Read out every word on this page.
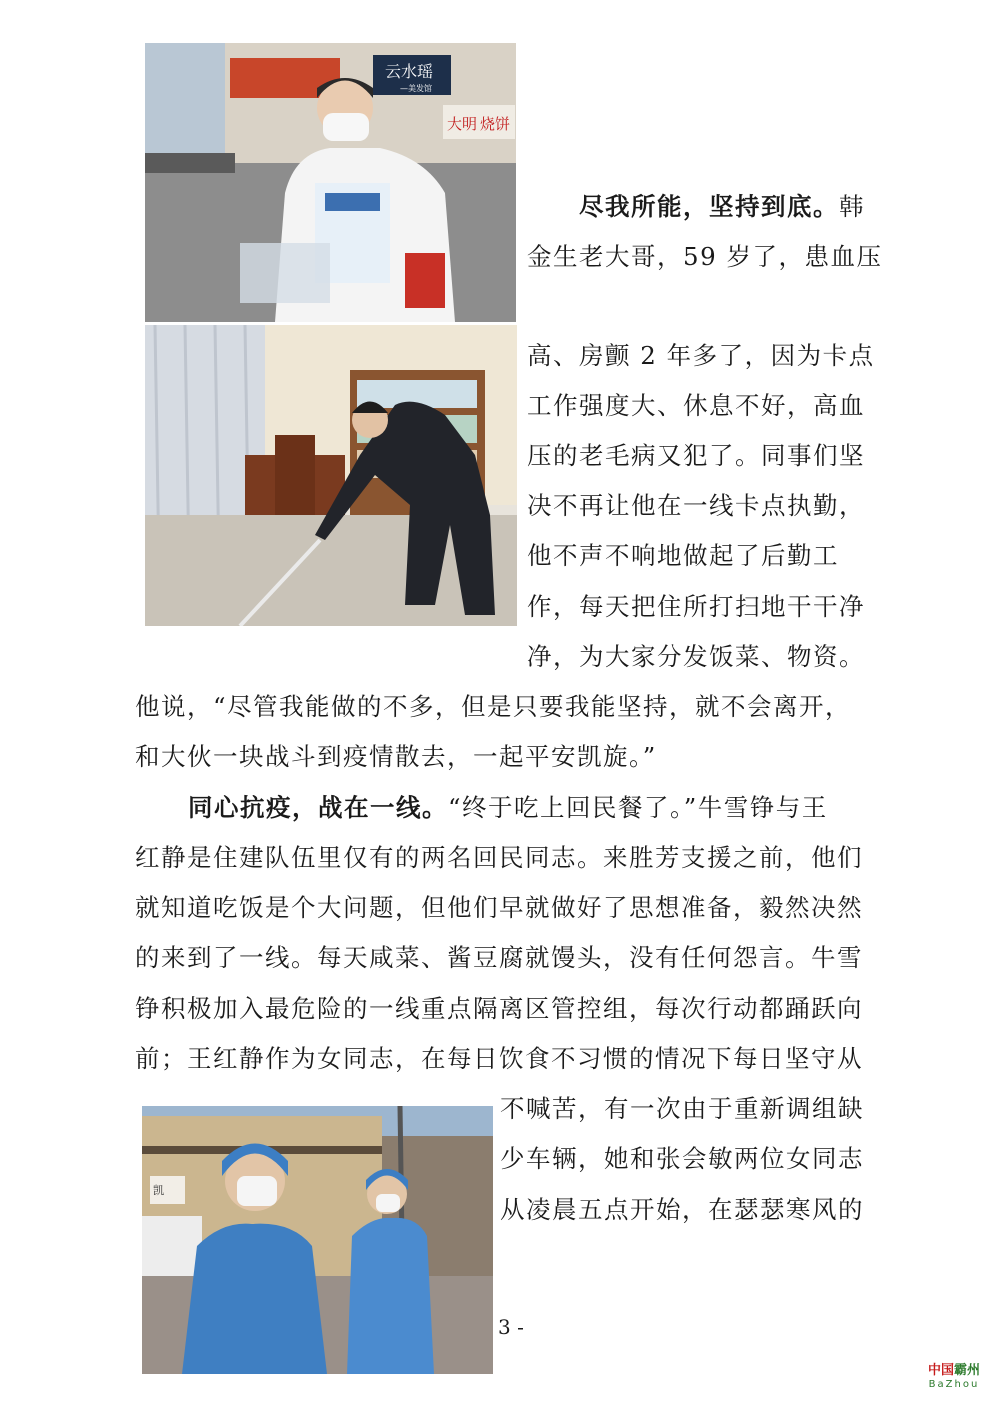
云水瑶
—美发馆
大明 烧饼
凯
尽我所能，坚持到底。韩
金生老大哥，59 岁了，患血压
高、房颤 2 年多了，因为卡点
工作强度大、休息不好，高血
压的老毛病又犯了。同事们坚
决不再让他在一线卡点执勤，
他不声不响地做起了后勤工
作，每天把住所打扫地干干净
净，为大家分发饭菜、物资。
他说，“尽管我能做的不多，但是只要我能坚持，就不会离开，
和大伙一块战斗到疫情散去，一起平安凯旋。”
同心抗疫，战在一线。“终于吃上回民餐了。”牛雪铮与王
红静是住建队伍里仅有的两名回民同志。来胜芳支援之前，他们
就知道吃饭是个大问题，但他们早就做好了思想准备，毅然决然
的来到了一线。每天咸菜、酱豆腐就馒头，没有任何怨言。牛雪
铮积极加入最危险的一线重点隔离区管控组，每次行动都踊跃向
前；王红静作为女同志，在每日饮食不习惯的情况下每日坚守从
不喊苦，有一次由于重新调组缺
少车辆，她和张会敏两位女同志
从凌晨五点开始，在瑟瑟寒风的
3 -
中国霸州
BaZhou
